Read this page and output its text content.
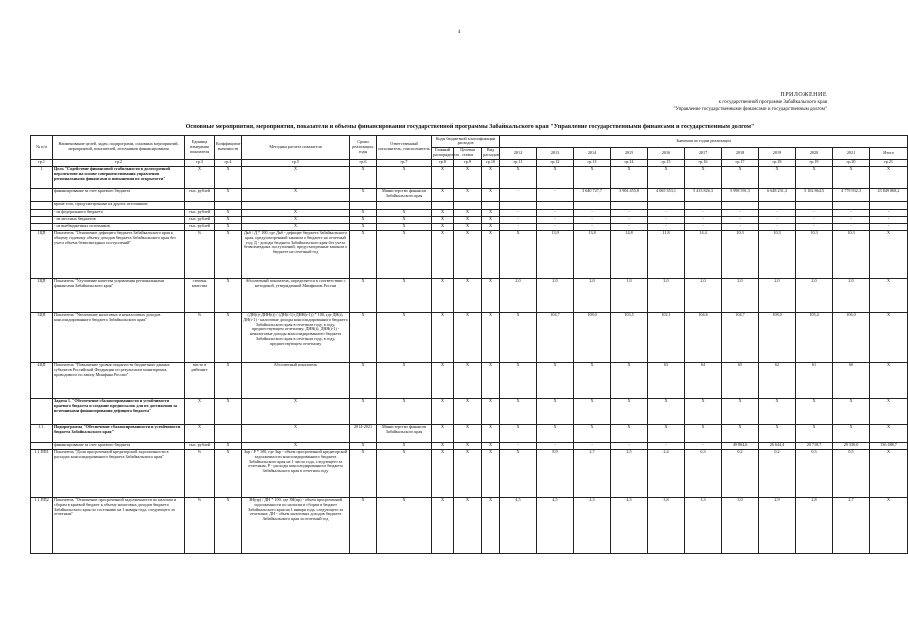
4
ПРИЛОЖЕНИЕ
к государственной программе Забайкальского края
"Управление государственными финансами и государственным долгом"
Основные мероприятия, мероприятия, показатели и объемы финансирования государственной программы Забайкальского края "Управление государственными финансами и государственным долгом"
№ п/п	Наименование целей, задач, подпрограмм, основных мероприятий, мероприятий, показателей, источников финансирования	Единица измерения показателя	Коэффициент значимости	Методика расчета показателя	Сроки реализации, годы	Ответственный исполнитель, соисполнитель	Коды бюджетной классификации расходов			Значения по годам реализации										
							Главный распорядитель	Целевая статья	Вид расходов	2012	2013	2014	2015	2016	2017	2018	2019	2020	2021	Итого

гр.1	гр.2	гр.3	гр.4	гр.5	гр.6	гр.7	гр.8	гр.9	гр.10	гр.11	гр.12	гр.13	гр.14	гр.15	гр.16	гр.17	гр.18	гр.19	гр.20	гр.21
1	Цель "Содействие финансовой стабильности в долгосрочной перспективе на основе совершенствования управления региональными финансами и повышения их открытости"	Х	Х	Х	Х	Х	Х	Х	Х	Х	Х	Х	Х	Х	Х	Х	Х	Х	Х	Х
	финансирование за счет краевого бюджета	тыс. рублей	Х	Х	Х	Министерство финансов Забайкальского края	Х	Х	Х	-	-	3 640 727,7	3 904 455,8	4 065 353,1	5 413 826,3	5 998 591,3	6 648 231,3	5 102 864,5	4 779 932,3	43 849 868,2
	кроме того, предусмотренные из других источников:																			
	- из федерального бюджета	тыс. рублей	Х	Х	Х	Х	Х	Х	Х	-	-	-	-	-	-	-	-	-	-	-
	- из местных бюджетов	тыс. рублей	Х	Х	Х	Х	Х	Х	Х	-	-	-	-	-	-	-	-	-	-	-
	- из внебюджетных источников	тыс. рублей	Х	Х	Х	Х	Х	Х	Х	-	-	-	-	-	-	-	-	-	-	-
1ЦП	Показатель "Отношение дефицита бюджета Забайкальского края к общему годовому объему доходов бюджета Забайкальского края без учета объема безвозмездных поступлений"	%	Х	Дкб / Д * 100, где Дкб - дефицит бюджета Забайкальского края, предусмотренный законом о бюджете на отчетный год; Д - доходы бюджета Забайкальского края без учета безвозмездных поступлений, предусмотренные законом о бюджете на отчетный год	Х	Х	Х	Х	Х	Х	13,9	13,8	14,8	11,8	14,4	10,3	10,3	10,3	10,3	Х
2ЦП	Показатель "Улучшение качества управления региональными финансами Забайкальского края"	степень качества	Х	Абсолютный показатель, определяется в соответствии с методикой, утвержденной Минфином России	Х	Х	Х	Х	Х	2,0	2,0	2,0	1,0	2,0	2,0	2,0	2,0	2,0	2,0	Х
3ЦП	Показатель "Увеличение налоговых и неналоговых доходов консолидированного бюджета Забайкальского края"	%	Х	(ДН(t)+ДНН(t)) / (ДН(t-1)+ДНН(t-1)) * 100, где ДН(t), ДН(t-1) - налоговые доходы консолидированного бюджета Забайкальского края в отчетном году, в году, предшествующем отчетному; ДНН(t), ДНН(t-1) - неналоговые доходы консолидированного бюджета Забайкальского края в отчетном году, в году, предшествующем отчетному	Х	Х	Х	Х	Х	Х	104,7	108,0	103,5	102,1	104,6	104,7	108,0	105,4	106,0	Х
4ЦП	Показатель "Повышение уровня открытости бюджетных данных субъектов Российской Федерации по результатам мониторинга, проводимого по заказу Минфина России"	место в рейтинге	Х	Абсолютный показатель	Х	Х	Х	Х	Х	Х	Х	Х	Х	63	64	65	62	61	60	Х
	Задача 1. "Обеспечение сбалансированности и устойчивости краевого бюджета и создание предпосылок для их достижения за источниками финансирования дефицита бюджета"	Х	Х	Х	Х	Х	Х	Х	Х	Х	Х	Х	Х	Х	Х	Х	Х	Х	Х	Х
1.1.	Подпрограмма "Обеспечение сбалансированности и устойчивости бюджета Забайкальского края"	Х		Х	2014-2021	Министерство финансов Забайкальского края	Х	Х	Х	Х	Х	Х	Х	Х	Х	Х	Х	Х	Х	Х
	финансирование за счет краевого бюджета	тыс. рублей	Х	Х	Х	Х	Х	Х	Х	-	-	-	-	-	-	49 804,6	26 644,4	20 718,7	29 330,0	136 488,7
1.1.ПП1	Показатель "Доля просроченной кредиторской задолженности в расходах консолидированного бюджета Забайкальского края"	%	Х	Зкр / Р * 100, где Зкр - объем просроченной кредиторской задолженности консолидированного бюджета Забайкальского края на 1 число года, следующего за отчетным; Р - расходы консолидированного бюджета Забайкальского края в отчетном году	Х	Х	Х	Х	Х	Х	8,9	2,7	2,5	2,4	0,3	0,2	0,2	0,3	0,5	Х
1.1.ПП2	Показатель "Отношение просроченной задолженности по налогам и сборам в краевой бюджет к объему налоговых доходов бюджета Забайкальского края по состоянию на 1 января года, следующего за отчетным"	%	Х	ЗН(пр) / ДН * 100, где ЗН(пр) - объем просроченной задолженности по налогам и сборам в бюджет Забайкальского края на 1 января года, следующего за отчетным; ДН - объем налоговых доходов бюджета Забайкальского края за отчетный год	Х	Х	Х	Х	Х	4,5	4,5	4,3	4,3	3,8	3,3	3,0	2,9	2,8	2,7	Х
